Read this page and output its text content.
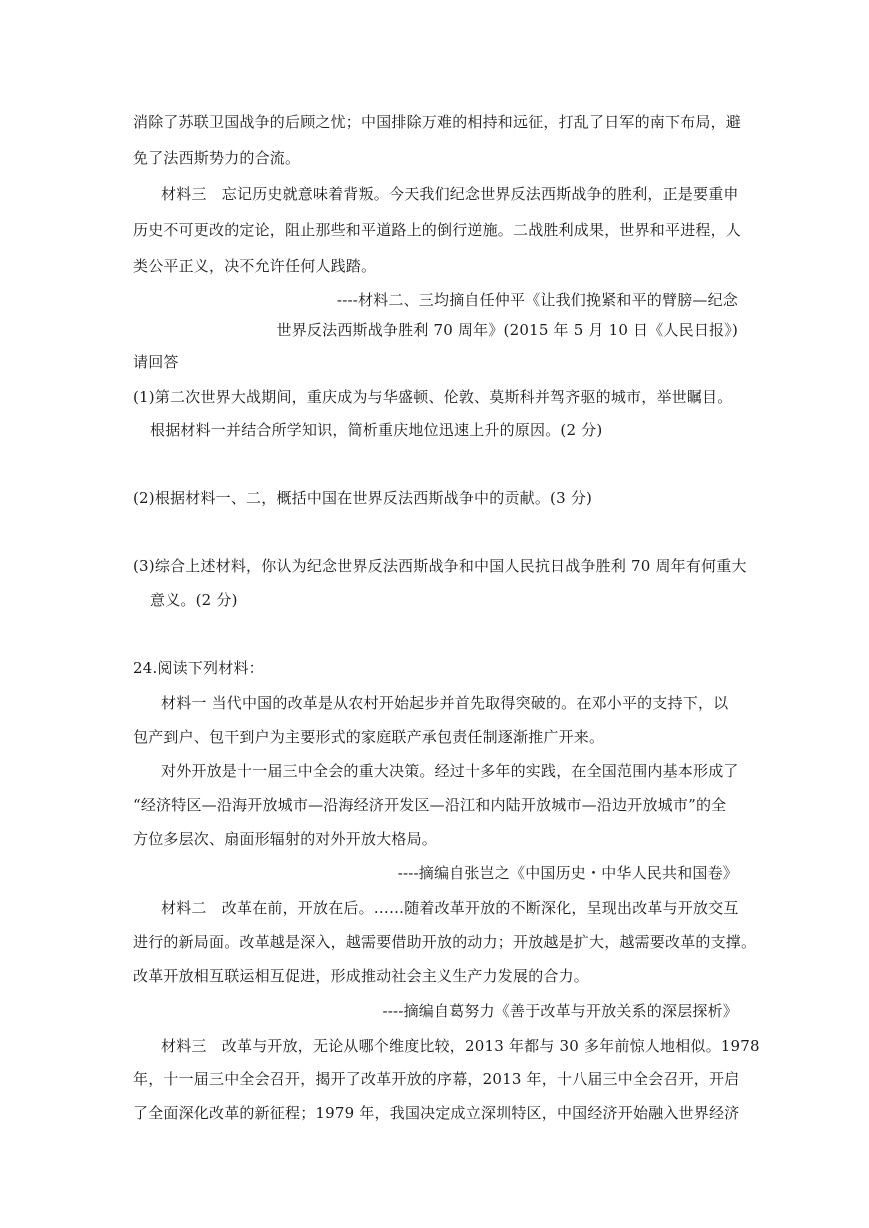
消除了苏联卫国战争的后顾之忧；中国排除万难的相持和远征，打乱了日军的南下布局，避
免了法西斯势力的合流。
材料三　忘记历史就意味着背叛。今天我们纪念世界反法西斯战争的胜利，正是要重申
历史不可更改的定论，阻止那些和平道路上的倒行逆施。二战胜利成果，世界和平进程，人
类公平正义，决不允许任何人践踏。
----材料二、三均摘自任仲平《让我们挽紧和平的臂膀—纪念
世界反法西斯战争胜利 70 周年》(2015 年 5 月 10 日《人民日报》)
请回答
(1)第二次世界大战期间，重庆成为与华盛顿、伦敦、莫斯科并驾齐驱的城市，举世瞩目。
根据材料一并结合所学知识，简析重庆地位迅速上升的原因。(2 分)
(2)根据材料一、二，概括中国在世界反法西斯战争中的贡献。(3 分)
(3)综合上述材料，你认为纪念世界反法西斯战争和中国人民抗日战争胜利 70 周年有何重大
意义。(2 分)
24.阅读下列材料：
材料一 当代中国的改革是从农村开始起步并首先取得突破的。在邓小平的支持下，以
包产到户、包干到户为主要形式的家庭联产承包责任制逐渐推广开来。
对外开放是十一届三中全会的重大决策。经过十多年的实践，在全国范围内基本形成了
“经济特区—沿海开放城市—沿海经济开发区—沿江和内陆开放城市—沿边开放城市”的全
方位多层次、扇面形辐射的对外开放大格局。
----摘编自张岂之《中国历史・中华人民共和国卷》
材料二　改革在前，开放在后。……随着改革开放的不断深化，呈现出改革与开放交互
进行的新局面。改革越是深入，越需要借助开放的动力；开放越是扩大，越需要改革的支撑。
改革开放相互联运相互促进，形成推动社会主义生产力发展的合力。
----摘编自葛努力《善于改革与开放关系的深层探析》
材料三　改革与开放，无论从哪个维度比较，2013 年都与 30 多年前惊人地相似。1978
年，十一届三中全会召开，揭开了改革开放的序幕，2013 年，十八届三中全会召开，开启
了全面深化改革的新征程；1979 年，我国决定成立深圳特区，中国经济开始融入世界经济
